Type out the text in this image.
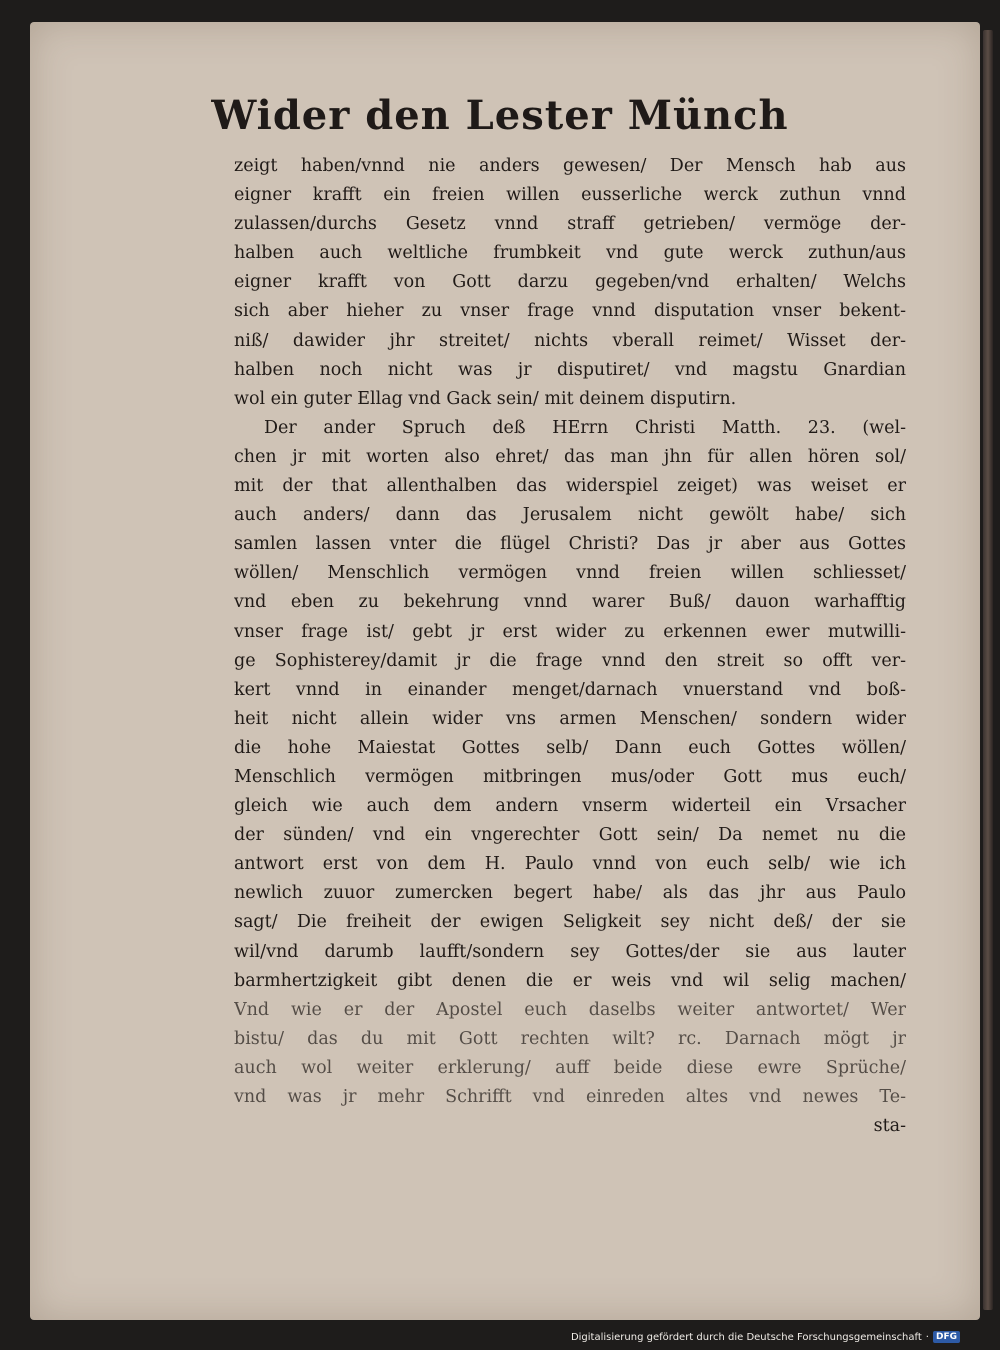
Wider den Lester Münch
zeigt haben/vnnd nie anders gewesen/ Der Mensch hab aus
eigner krafft ein freien willen eusserliche werck zuthun vnnd
zulassen/durchs Gesetz vnnd straff getrieben/ vermöge der-
halben auch weltliche frumbkeit vnd gute werck zuthun/aus
eigner krafft von Gott darzu gegeben/vnd erhalten/ Welchs
sich aber hieher zu vnser frage vnnd disputation vnser bekent-
niß/ dawider jhr streitet/ nichts vberall reimet/ Wisset der-
halben noch nicht was jr disputiret/ vnd magstu Gnardian
wol ein guter Ellag vnd Gack sein/ mit deinem disputirn.
Der ander Spruch deß HErrn Christi Matth. 23. (wel-
chen jr mit worten also ehret/ das man jhn für allen hören sol/
mit der that allenthalben das widerspiel zeiget) was weiset er
auch anders/ dann das Jerusalem nicht gewölt habe/ sich
samlen lassen vnter die flügel Christi? Das jr aber aus Gottes
wöllen/ Menschlich vermögen vnnd freien willen schliesset/
vnd eben zu bekehrung vnnd warer Buß/ dauon warhafftig
vnser frage ist/ gebt jr erst wider zu erkennen ewer mutwilli-
ge Sophisterey/damit jr die frage vnnd den streit so offt ver-
kert vnnd in einander menget/darnach vnuerstand vnd boß-
heit nicht allein wider vns armen Menschen/ sondern wider
die hohe Maiestat Gottes selb/ Dann euch Gottes wöllen/
Menschlich vermögen mitbringen mus/oder Gott mus euch/
gleich wie auch dem andern vnserm widerteil ein Vrsacher
der sünden/ vnd ein vngerechter Gott sein/ Da nemet nu die
antwort erst von dem H. Paulo vnnd von euch selb/ wie ich
newlich zuuor zumercken begert habe/ als das jhr aus Paulo
sagt/ Die freiheit der ewigen Seligkeit sey nicht deß/ der sie
wil/vnd darumb laufft/sondern sey Gottes/der sie aus lauter
barmhertzigkeit gibt denen die er weis vnd wil selig machen/
Vnd wie er der Apostel euch daselbs weiter antwortet/ Wer
bistu/ das du mit Gott rechten wilt? rc. Darnach mögt jr
auch wol weiter erklerung/ auff beide diese ewre Sprüche/
vnd was jr mehr Schrifft vnd einreden altes vnd newes Te-
sta-
Digitalisierung gefördert durch die Deutsche Forschungsgemeinschaft · DFG
